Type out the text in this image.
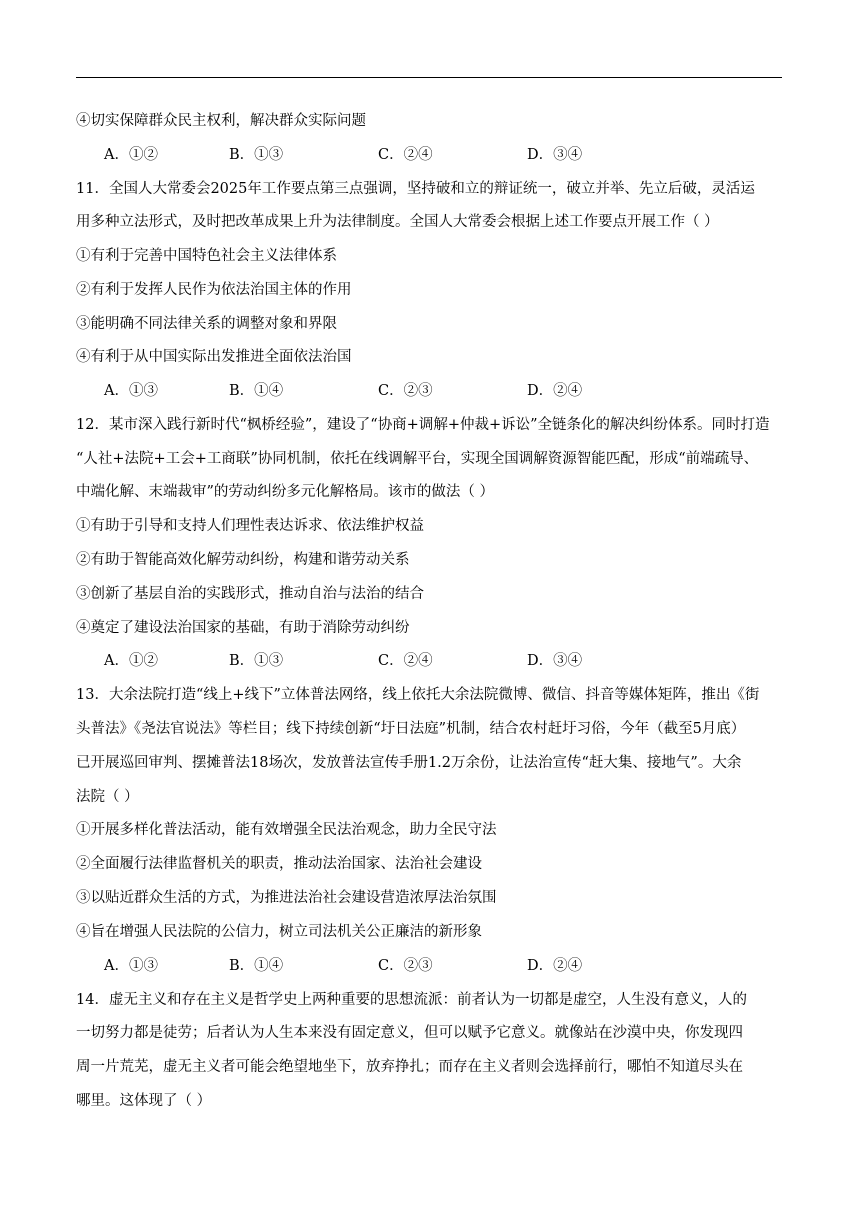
④切实保障群众民主权利，解决群众实际问题
A．①②	B．①③	C．②④	D．③④
11．全国人大常委会2025年工作要点第三点强调，坚持破和立的辩证统一，破立并举、先立后破，灵活运
用多种立法形式，及时把改革成果上升为法律制度。全国人大常委会根据上述工作要点开展工作（ ）
①有利于完善中国特色社会主义法律体系
②有利于发挥人民作为依法治国主体的作用
③能明确不同法律关系的调整对象和界限
④有利于从中国实际出发推进全面依法治国
A．①③	B．①④	C．②③	D．②④
12．某市深入践行新时代“枫桥经验”，建设了“协商+调解+仲裁+诉讼”全链条化的解决纠纷体系。同时打造
“人社+法院+工会+工商联”协同机制，依托在线调解平台，实现全国调解资源智能匹配，形成“前端疏导、
中端化解、末端裁审”的劳动纠纷多元化解格局。该市的做法（ ）
①有助于引导和支持人们理性表达诉求、依法维护权益
②有助于智能高效化解劳动纠纷，构建和谐劳动关系
③创新了基层自治的实践形式，推动自治与法治的结合
④奠定了建设法治国家的基础，有助于消除劳动纠纷
A．①②	B．①③	C．②④	D．③④
13．大余法院打造“线上+线下”立体普法网络，线上依托大余法院微博、微信、抖音等媒体矩阵，推出《街
头普法》《尧法官说法》等栏目；线下持续创新“圩日法庭”机制，结合农村赶圩习俗，今年（截至5月底）
已开展巡回审判、摆摊普法18场次，发放普法宣传手册1.2万余份，让法治宣传“赶大集、接地气”。大余
法院（ ）
①开展多样化普法活动，能有效增强全民法治观念，助力全民守法
②全面履行法律监督机关的职责，推动法治国家、法治社会建设
③以贴近群众生活的方式，为推进法治社会建设营造浓厚法治氛围
④旨在增强人民法院的公信力，树立司法机关公正廉洁的新形象
A．①③	B．①④	C．②③	D．②④
14．虚无主义和存在主义是哲学史上两种重要的思想流派：前者认为一切都是虚空，人生没有意义，人的
一切努力都是徒劳；后者认为人生本来没有固定意义，但可以赋予它意义。就像站在沙漠中央，你发现四
周一片荒芜，虚无主义者可能会绝望地坐下，放弃挣扎；而存在主义者则会选择前行，哪怕不知道尽头在
哪里。这体现了（ ）
